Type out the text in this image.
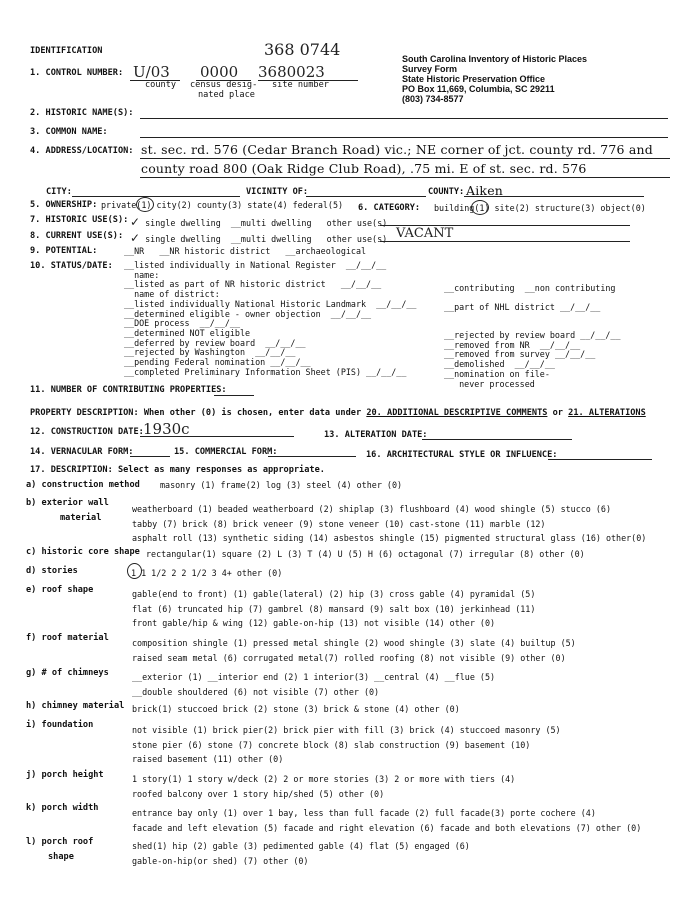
IDENTIFICATION	368 0744	South Carolina Inventory of Historic Places
Survey Form
State Historic Preservation Office
PO Box 11,669, Columbia, SC 29211
(803) 734-8577
1. CONTROL NUMBER: U/03 0000 3680023
county census desig-
nated place
site number
2. HISTORIC NAME(S):
3. COMMON NAME:
4. ADDRESS/LOCATION: st. sec. rd. 576 (Cedar Branch Road) vic.; NE corner of jct. county rd. 776 and
county road 800 (Oak Ridge Club Road), .75 mi. E of st. sec. rd. 576
CITY:	VICINITY OF:	COUNTY: Aiken
5. OWNERSHIP: private(1) city(2) county(3) state(4) federal(5) 6. CATEGORY: building(1) site(2) structure(3) object(0)
7. HISTORIC USE(S): ✓ single dwelling  __multi dwelling other use(s)
8. CURRENT USE(S): ✓ single dwelling  __multi dwelling other use(s) VACANT
9. POTENTIAL:	__NR   __NR historic district   __archaeological
10. STATUS/DATE: __listed individually in National Register  __/__/__
name:
__listed as part of NR historic district   __/__/__
name of district:
__listed individually National Historic Landmark  __/__/__
__determined eligible - owner objection  __/__/__
__DOE process  __/__/__
__determined NOT eligible
__deferred by review board  __/__/__
__rejected by Washington  __/__/__
__pending Federal nomination __/__/__
__completed Preliminary Information Sheet (PIS) __/__/__
__contributing  __non contributing
__part of NHL district __/__/__
__rejected by review board __/__/__
__removed from NR  __/__/__
__removed from survey __/__/__
__demolished  __/__/__
__nomination on file-
never processed
11. NUMBER OF CONTRIBUTING PROPERTIES:
PROPERTY DESCRIPTION: When other (0) is chosen, enter data under 20. ADDITIONAL DESCRIPTIVE COMMENTS or 21. ALTERATIONS
12. CONSTRUCTION DATE: 1930c	13. ALTERATION DATE:
14. VERNACULAR FORM:	15. COMMERCIAL FORM:	16. ARCHITECTURAL STYLE OR INFLUENCE:
17. DESCRIPTION: Select as many responses as appropriate.
a) construction method masonry (1) frame(2) log (3) steel (4) other (0)
b) exterior wall
material
weatherboard (1) beaded weatherboard (2) shiplap (3) flushboard (4) wood shingle (5) stucco (6)
tabby (7) brick (8) brick veneer (9) stone veneer (10) cast-stone (11) marble (12)
asphalt roll (13) synthetic siding (14) asbestos shingle (15) pigmented structural glass (16) other(0)
c) historic core shape rectangular(1) square (2) L (3) T (4) U (5) H (6) octagonal (7) irregular (8) other (0)
d) stories	1 1 1/2 2 2 1/2 3 4+ other (0)
e) roof shape	gable(end to front) (1) gable(lateral) (2) hip (3) cross gable (4) pyramidal (5)
flat (6) truncated hip (7) gambrel (8) mansard (9) salt box (10) jerkinhead (11)
front gable/hip & wing (12) gable-on-hip (13) not visible (14) other (0)
f) roof material	composition shingle (1) pressed metal shingle (2) wood shingle (3) slate (4) builtup (5)
raised seam metal (6) corrugated metal(7) rolled roofing (8) not visible (9) other (0)
g) # of chimneys	__exterior (1) __interior end (2) 1 interior(3) __central (4) __flue (5)
__double shouldered (6) not visible (7) other (0)
h) chimney material brick(1) stuccoed brick (2) stone (3) brick & stone (4) other (0)
i) foundation	not visible (1) brick pier(2) brick pier with fill (3) brick (4) stuccoed masonry (5)
stone pier (6) stone (7) concrete block (8) slab construction (9) basement (10)
raised basement (11) other (0)
j) porch height	1 story(1) 1 story w/deck (2) 2 or more stories (3) 2 or more with tiers (4)
roofed balcony over 1 story hip/shed (5) other (0)
k) porch width	entrance bay only (1) over 1 bay, less than full facade (2) full facade(3) porte cochere (4)
facade and left elevation (5) facade and right elevation (6) facade and both elevations (7) other (0)
l) porch roof
shape
shed(1) hip (2) gable (3) pedimented gable (4) flat (5) engaged (6)
gable-on-hip(or shed) (7) other (0)
